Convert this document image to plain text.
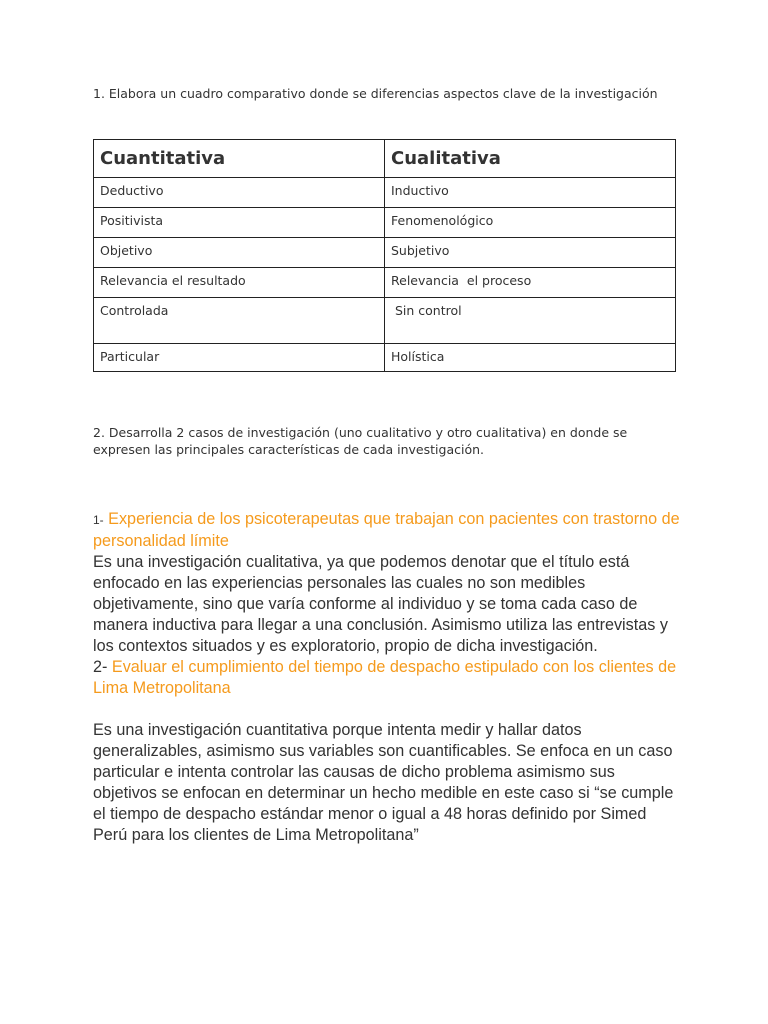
1. Elabora un cuadro comparativo donde se diferencias aspectos clave de la investigación
Cuantitativa	Cualitativa
Deductivo	Inductivo
Positivista	Fenomenológico
Objetivo	Subjetivo
Relevancia el resultado	Relevancia  el proceso
Controlada	Sin control
Particular	Holística
2. Desarrolla 2 casos de investigación (uno cualitativo y otro cualitativa) en donde se expresen las principales características de cada investigación.

1- Experiencia de los psicoterapeutas que trabajan con pacientes con trastorno de personalidad límite

Es una investigación cualitativa, ya que podemos denotar que el título está enfocado en las experiencias personales las cuales no son medibles objetivamente, sino que varía conforme al individuo y se toma cada caso de manera inductiva para llegar a una conclusión. Asimismo utiliza las entrevistas y los contextos situados y es exploratorio, propio de dicha investigación.

2- Evaluar el cumplimiento del tiempo de despacho estipulado con los clientes de Lima Metropolitana

Es una investigación cuantitativa porque intenta medir y hallar datos generalizables, asimismo sus variables son cuantificables. Se enfoca en un caso particular e intenta controlar las causas de dicho problema asimismo sus objetivos se enfocan en determinar un hecho medible en este caso si “se cumple el tiempo de despacho estándar menor o igual a 48 horas definido por Simed Perú para los clientes de Lima Metropolitana”
